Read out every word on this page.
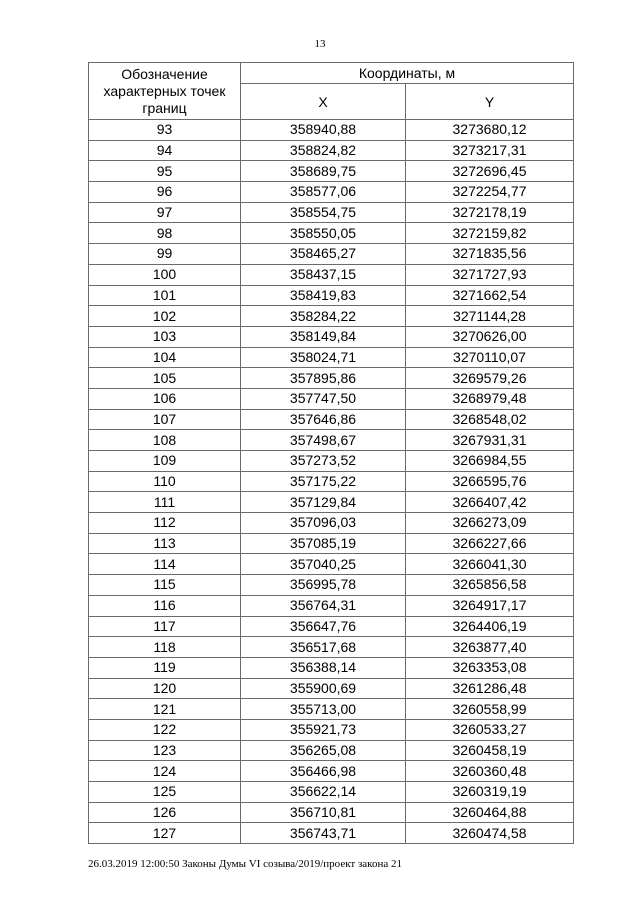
13
Обозначение характерных точек границ	Координаты, м	
	X	Y
93	358940,88	3273680,12
94	358824,82	3273217,31
95	358689,75	3272696,45
96	358577,06	3272254,77
97	358554,75	3272178,19
98	358550,05	3272159,82
99	358465,27	3271835,56
100	358437,15	3271727,93
101	358419,83	3271662,54
102	358284,22	3271144,28
103	358149,84	3270626,00
104	358024,71	3270110,07
105	357895,86	3269579,26
106	357747,50	3268979,48
107	357646,86	3268548,02
108	357498,67	3267931,31
109	357273,52	3266984,55
110	357175,22	3266595,76
111	357129,84	3266407,42
112	357096,03	3266273,09
113	357085,19	3266227,66
114	357040,25	3266041,30
115	356995,78	3265856,58
116	356764,31	3264917,17
117	356647,76	3264406,19
118	356517,68	3263877,40
119	356388,14	3263353,08
120	355900,69	3261286,48
121	355713,00	3260558,99
122	355921,73	3260533,27
123	356265,08	3260458,19
124	356466,98	3260360,48
125	356622,14	3260319,19
126	356710,81	3260464,88
127	356743,71	3260474,58
26.03.2019 12:00:50 Законы Думы VI созыва/2019/проект закона 21
